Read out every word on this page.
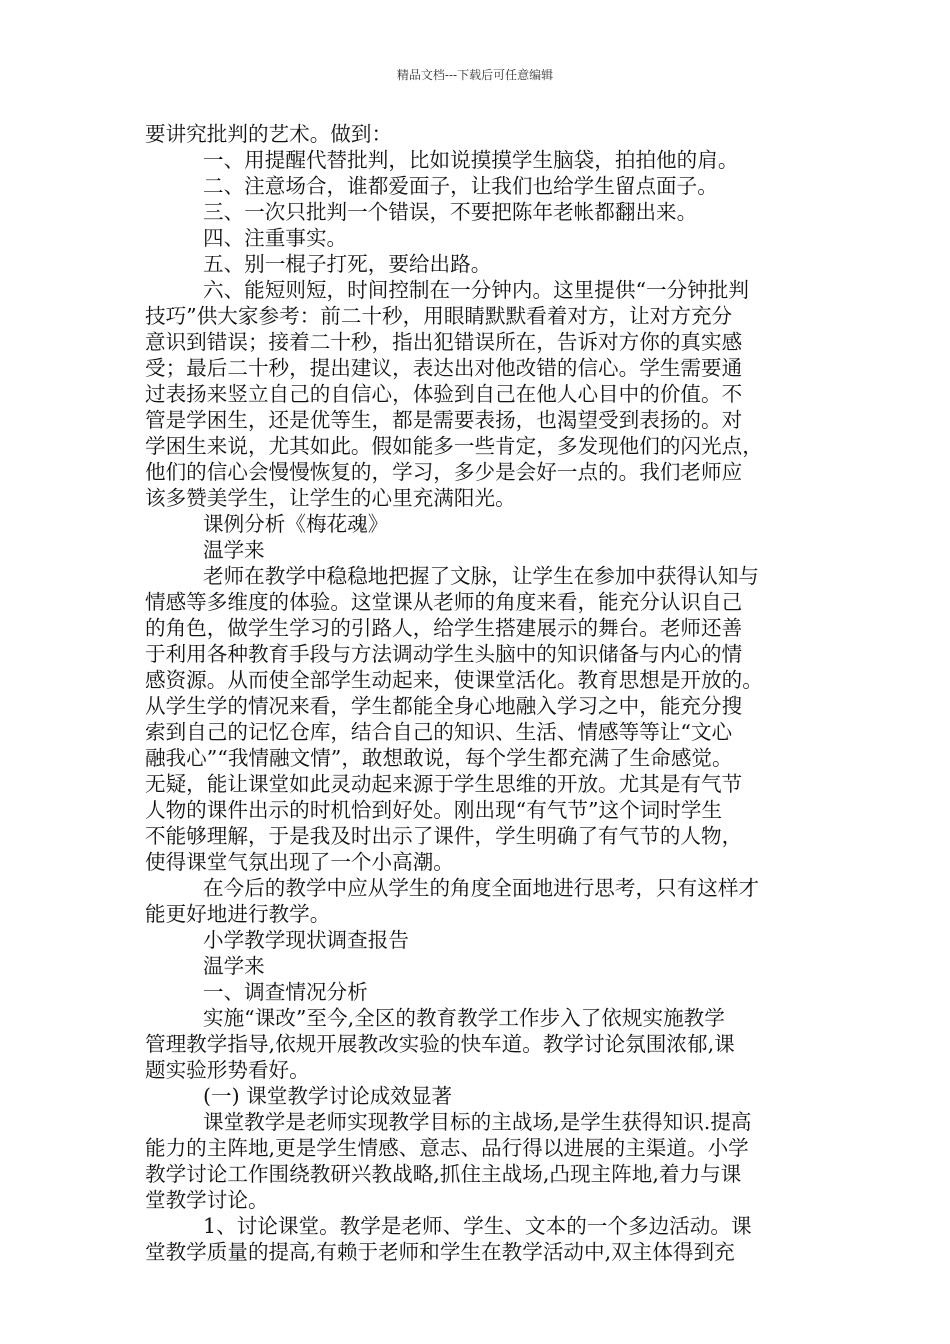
精品文档---下载后可任意编辑
要讲究批判的艺术。做到：
一、用提醒代替批判，比如说摸摸学生脑袋，拍拍他的肩。
二、注意场合，谁都爱面子，让我们也给学生留点面子。
三、一次只批判一个错误，不要把陈年老帐都翻出来。
四、注重事实。
五、别一棍子打死，要给出路。
六、能短则短，时间控制在一分钟内。这里提供“一分钟批判
技巧”供大家参考：前二十秒，用眼睛默默看着对方，让对方充分
意识到错误；接着二十秒，指出犯错误所在，告诉对方你的真实感
受；最后二十秒，提出建议，表达出对他改错的信心。学生需要通
过表扬来竖立自己的自信心，体验到自己在他人心目中的价值。不
管是学困生，还是优等生，都是需要表扬，也渴望受到表扬的。对
学困生来说，尤其如此。假如能多一些肯定，多发现他们的闪光点，
他们的信心会慢慢恢复的，学习，多少是会好一点的。我们老师应
该多赞美学生，让学生的心里充满阳光。
课例分析《梅花魂》
温学来
老师在教学中稳稳地把握了文脉，让学生在参加中获得认知与
情感等多维度的体验。这堂课从老师的角度来看，能充分认识自己
的角色，做学生学习的引路人，给学生搭建展示的舞台。老师还善
于利用各种教育手段与方法调动学生头脑中的知识储备与内心的情
感资源。从而使全部学生动起来，使课堂活化。教育思想是开放的。
从学生学的情况来看，学生都能全身心地融入学习之中，能充分搜
索到自己的记忆仓库，结合自己的知识、生活、情感等等让“文心
融我心”“我情融文情”，敢想敢说，每个学生都充满了生命感觉。
无疑，能让课堂如此灵动起来源于学生思维的开放。尤其是有气节
人物的课件出示的时机恰到好处。刚出现“有气节”这个词时学生
不能够理解，于是我及时出示了课件，学生明确了有气节的人物，
使得课堂气氛出现了一个小高潮。
在今后的教学中应从学生的角度全面地进行思考，只有这样才
能更好地进行教学。
小学教学现状调查报告
温学来
一、调查情况分析
实施“课改”至今,全区的教育教学工作步入了依规实施教学
管理教学指导,依规开展教改实验的快车道。教学讨论氛围浓郁,课
题实验形势看好。
(一) 课堂教学讨论成效显著
课堂教学是老师实现教学目标的主战场,是学生获得知识.提高
能力的主阵地,更是学生情感、意志、品行得以进展的主渠道。小学
教学讨论工作围绕教研兴教战略,抓住主战场,凸现主阵地,着力与课
堂教学讨论。
1、讨论课堂。教学是老师、学生、文本的一个多边活动。课
堂教学质量的提高,有赖于老师和学生在教学活动中,双主体得到充
